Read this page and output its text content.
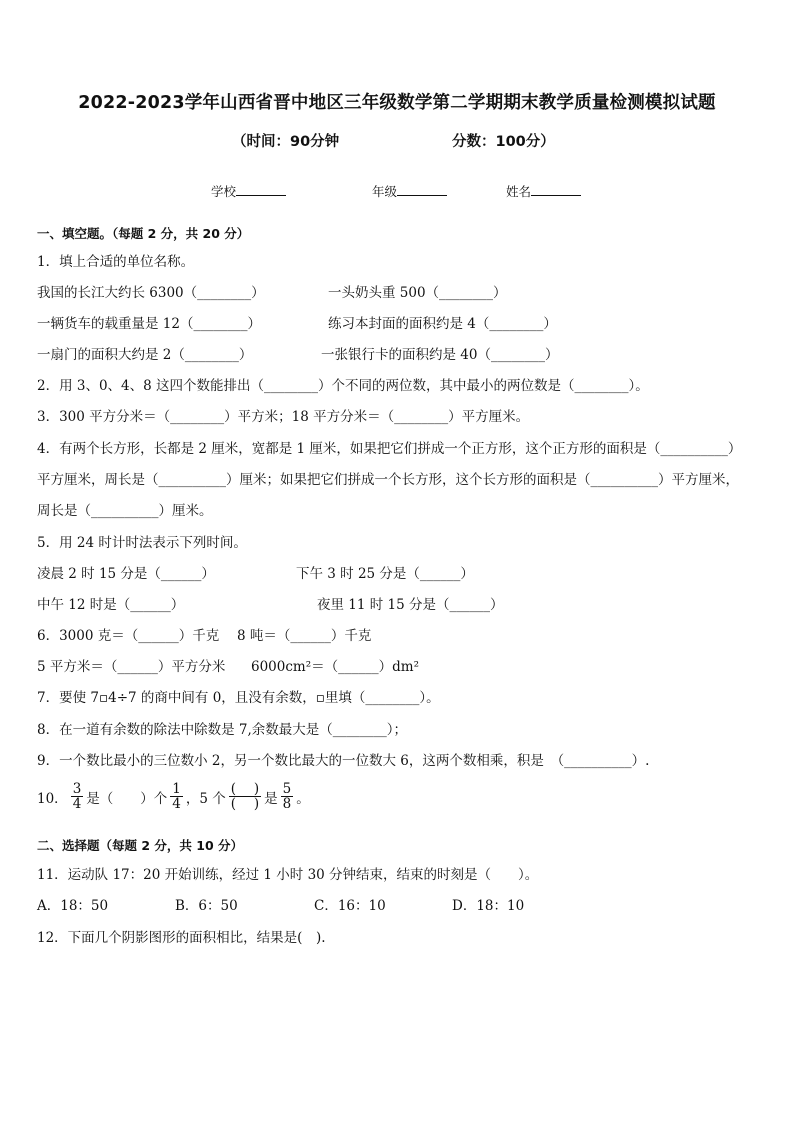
2022-2023学年山西省晋中地区三年级数学第二学期期末教学质量检测模拟试题
（时间：90分钟	分数：100分）
学校	年级	姓名
一、填空题。（每题 2 分，共 20 分）
1．填上合适的单位名称。
我国的长江大约长 6300（________）	一头奶头重 500（________）
一辆货车的载重量是 12（________）	练习本封面的面积约是 4（________）
一扇门的面积大约是 2（________）	一张银行卡的面积约是 40（________）
2．用 3、0、4、8 这四个数能排出（________）个不同的两位数，其中最小的两位数是（________）。
3．300 平方分米＝（________）平方米；18 平方分米＝（________）平方厘米。
4．有两个长方形，长都是 2 厘米，宽都是 1 厘米，如果把它们拼成一个正方形，这个正方形的面积是（__________）
平方厘米，周长是（__________）厘米；如果把它们拼成一个长方形，这个长方形的面积是（__________）平方厘米，
周长是（__________）厘米。
5．用 24 时计时法表示下列时间。
凌晨 2 时 15 分是（______）	下午 3 时 25 分是（______）
中午 12 时是（______）	夜里 11 时 15 分是（______）
6．3000 克＝（______）千克 8 吨＝（______）千克
5 平方米＝（______）平方分米 6000cm²＝（______）dm²
7．要使 7▫4÷7 的商中间有 0，且没有余数，▫里填（________）。
8．在一道有余数的除法中除数是 7,余数最大是（________）；
9．一个数比最小的三位数小 2，另一个数比最大的一位数大 6，这两个数相乘，积是　（__________）.
10． $\frac{3}{4}$ 是（　　）个 $\frac{1}{4}$ ，5 个 $\frac{( )}{( )}$ 是 $\frac{5}{8}$ 。
二、选择题（每题 2 分，共 10 分）
11．运动队 17：20 开始训练，经过 1 小时 30 分钟结束，结束的时刻是（　　）。
A．18：50	B．6：50	C．16：10	D．18：10
12．下面几个阴影图形的面积相比，结果是(　).
